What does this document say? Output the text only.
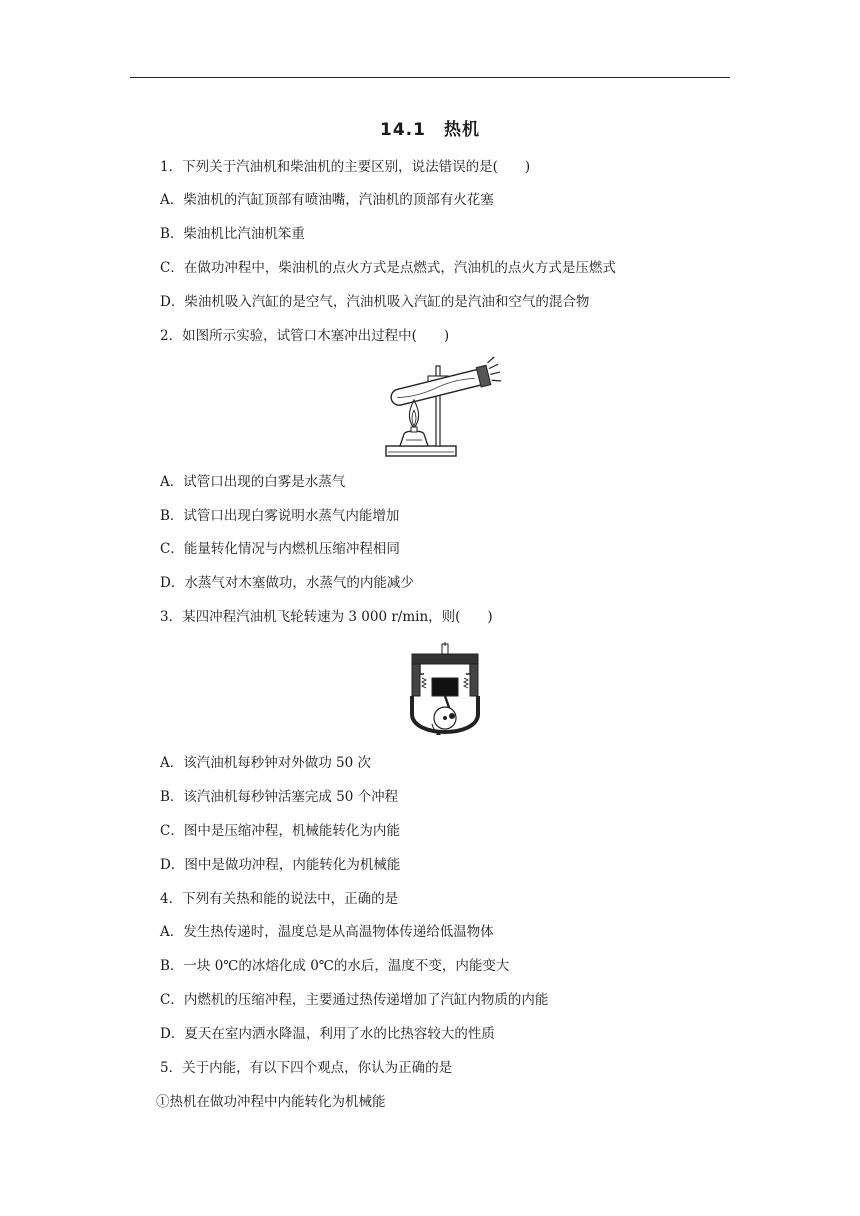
14.1　热机
1．下列关于汽油机和柴油机的主要区别，说法错误的是(　　)
A．柴油机的汽缸顶部有喷油嘴，汽油机的顶部有火花塞
B．柴油机比汽油机笨重
C．在做功冲程中，柴油机的点火方式是点燃式，汽油机的点火方式是压燃式
D．柴油机吸入汽缸的是空气，汽油机吸入汽缸的是汽油和空气的混合物
2．如图所示实验，试管口木塞冲出过程中(　　)
A．试管口出现的白雾是水蒸气
B．试管口出现白雾说明水蒸气内能增加
C．能量转化情况与内燃机压缩冲程相同
D．水蒸气对木塞做功，水蒸气的内能减少
3．某四冲程汽油机飞轮转速为 3 000 r/min，则(　　)
A．该汽油机每秒钟对外做功 50 次
B．该汽油机每秒钟活塞完成 50 个冲程
C．图中是压缩冲程，机械能转化为内能
D．图中是做功冲程，内能转化为机械能
4．下列有关热和能的说法中，正确的是
A．发生热传递时，温度总是从高温物体传递给低温物体
B．一块 0℃的冰熔化成 0℃的水后，温度不变，内能变大
C．内燃机的压缩冲程，主要通过热传递增加了汽缸内物质的内能
D．夏天在室内洒水降温，利用了水的比热容较大的性质
5．关于内能，有以下四个观点，你认为正确的是
①热机在做功冲程中内能转化为机械能
